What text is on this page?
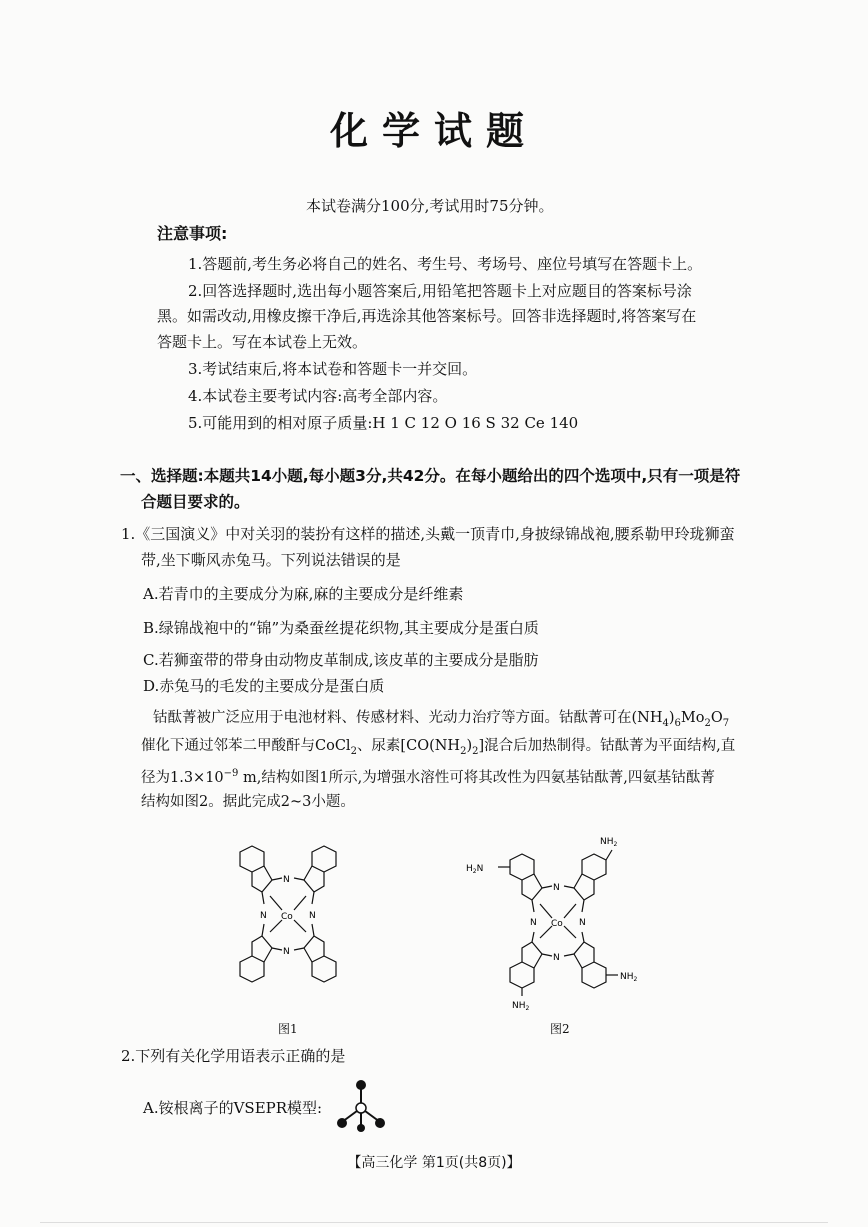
化学试题
本试卷满分100分,考试用时75分钟。
注意事项:
1.答题前,考生务必将自己的姓名、考生号、考场号、座位号填写在答题卡上。
2.回答选择题时,选出每小题答案后,用铅笔把答题卡上对应题目的答案标号涂
黑。如需改动,用橡皮擦干净后,再选涂其他答案标号。回答非选择题时,将答案写在
答题卡上。写在本试卷上无效。
3.考试结束后,将本试卷和答题卡一并交回。
4.本试卷主要考试内容:高考全部内容。
5.可能用到的相对原子质量:H 1 C 12 O 16 S 32 Ce 140
一、选择题:本题共14小题,每小题3分,共42分。在每小题给出的四个选项中,只有一项是符
合题目要求的。
1.《三国演义》中对关羽的装扮有这样的描述,头戴一顶青巾,身披绿锦战袍,腰系勒甲玲珑狮蛮
带,坐下嘶风赤兔马。下列说法错误的是
A.若青巾的主要成分为麻,麻的主要成分是纤维素
B.绿锦战袍中的“锦”为桑蚕丝提花织物,其主要成分是蛋白质
C.若狮蛮带的带身由动物皮革制成,该皮革的主要成分是脂肪
D.赤兔马的毛发的主要成分是蛋白质
钴酞菁被广泛应用于电池材料、传感材料、光动力治疗等方面。钴酞菁可在$(NH_4)_6Mo_2O_7$
催化下通过邻苯二甲酸酐与CoCl$_2$、尿素$[CO(NH_2)_2]$混合后加热制得。钴酞菁为平面结构,直
径为$1.3\times 10^{-9}$ m,结构如图1所示,为增强水溶性可将其改性为四氨基钴酞菁,四氨基钴酞菁
结构如图2。据此完成2~3小题。
N
N
N	N
Co
图1
$H_2N$
$NH_2$
$NH_2$
$NH_2$
N
N
N	N
Co
图2
2.下列有关化学用语表示正确的是
A.铵根离子的VSEPR模型:
【高三化学 第1页(共8页)】
